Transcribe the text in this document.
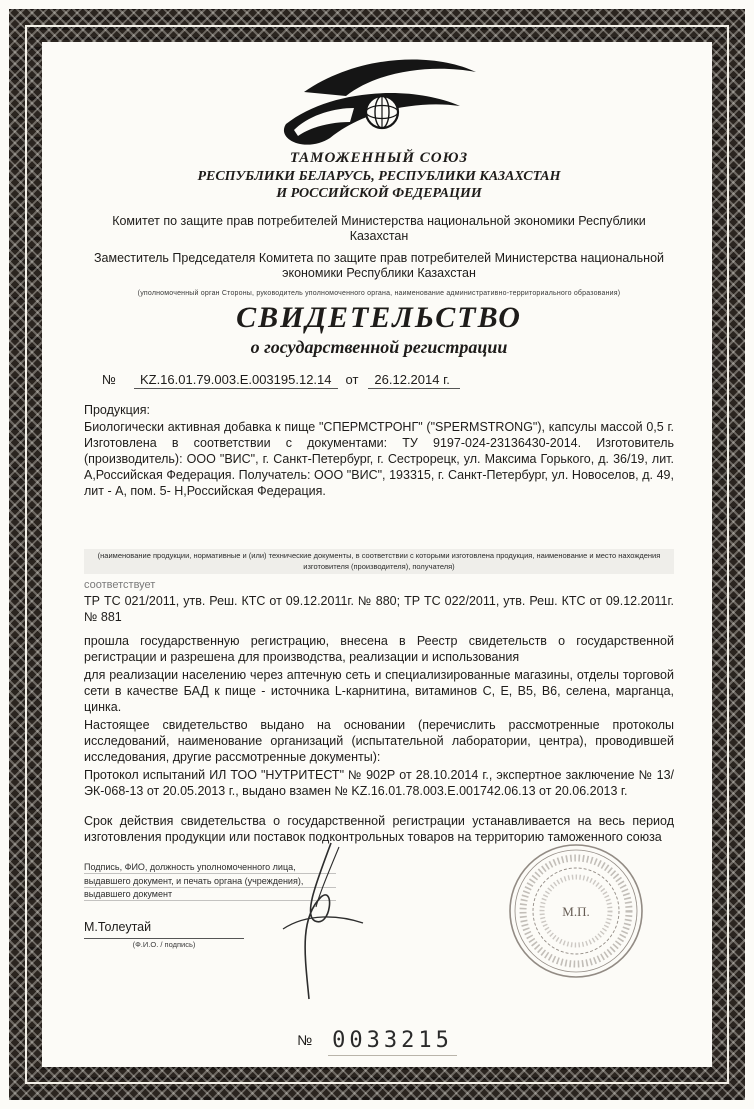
ТАМОЖЕННЫЙ СОЮЗ
РЕСПУБЛИКИ БЕЛАРУСЬ, РЕСПУБЛИКИ КАЗАХСТАН
И РОССИЙСКОЙ ФЕДЕРАЦИИ
Комитет по защите прав потребителей Министерства национальной экономики Республики Казахстан
Заместитель Председателя Комитета по защите прав потребителей Министерства национальной экономики Республики Казахстан
(уполномоченный орган Стороны, руководитель уполномоченного органа, наименование административно-территориального образования)
СВИДЕТЕЛЬСТВО
о государственной регистрации
№ KZ.16.01.79.003.Е.003195.12.14 от 26.12.2014 г.
Продукция:

Биологически активная добавка к пище "СПЕРМСТРОНГ" ("SPERMSTRONG"), капсулы массой 0,5 г. Изготовлена в соответствии с документами: ТУ 9197-024-23136430-2014. Изготовитель (производитель): ООО "ВИС", г. Санкт-Петербург, г. Сестрорецк, ул. Максима Горького, д. 36/19, лит. А,Российская Федерация. Получатель: ООО "ВИС", 193315, г. Санкт-Петербург, ул. Новоселов, д. 49, лит - А, пом. 5- Н,Российская Федерация.

(наименование продукции, нормативные и (или) технические документы, в соответствии с которыми изготовлена продукция, наименование и место нахождения изготовителя (производителя), получателя)
соответствует

ТР ТС 021/2011, утв. Реш. КТС от 09.12.2011г. № 880; ТР ТС 022/2011, утв. Реш. КТС от 09.12.2011г. № 881

прошла государственную регистрацию, внесена в Реестр свидетельств о государственной регистрации и разрешена для производства, реализации и использования

для реализации населению через аптечную сеть и специализированные магазины, отделы торговой сети в качестве БАД к пище - источника L-карнитина, витаминов С, Е, В5, В6, селена, марганца, цинка.

Настоящее свидетельство выдано на основании (перечислить рассмотренные протоколы исследований, наименование организаций (испытательной лаборатории, центра), проводившей исследования, другие рассмотренные документы):

Протокол испытаний ИЛ ТОО "НУТРИТЕСТ" № 902Р от 28.10.2014 г., экспертное заключение № 13/ЭК-068-13 от 20.05.2013 г., выдано взамен № KZ.16.01.78.003.Е.001742.06.13 от 20.06.2013 г.

Срок действия свидетельства о государственной регистрации устанавливается на весь период изготовления продукции или поставок подконтрольных товаров на территорию таможенного союза

Подпись, ФИО, должность уполномоченного лица, выдавшего документ, и печать органа (учреждения), выдавшего документ
М.Толеутай
(Ф.И.О. / подпись)
М.П.
№ 0033215
